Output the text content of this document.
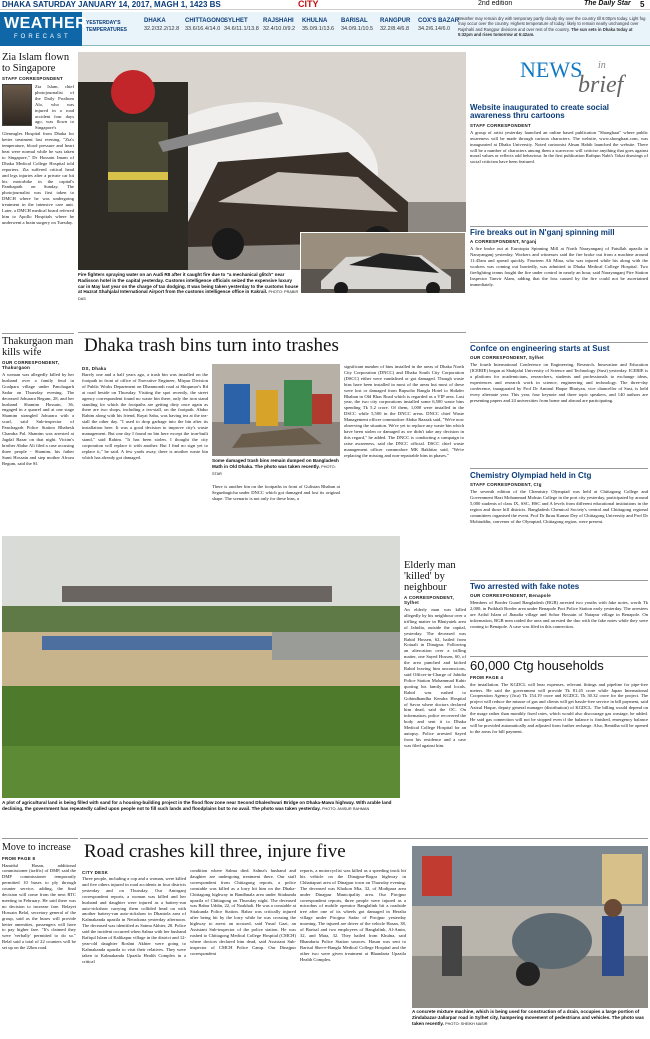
DHAKA SATURDAY JANUARY 14, 2017, MAGH 1, 1423 BS	CITY	2nd edition	The Daily Star 5
WEATHER
FORECAST
YESTERDAY'S TEMPERATURES
DHAKA
32.2/32.2/12.8
CHITTAGONG
33.6/16.4/14.0
SYLHET
34.6/11.1/13.8
RAJSHAHI
32.4/10.0/9.2
KHULNA
35.0/9.1/13.6
BARISAL
34.0/9.1/10.5
RANGPUR
32.2/8.4/6.8
COX'S BAZAR
34.2/6.14/6.0
Weather may remain dry with temporary partly cloudy sky over the country till 6:00pm today. Light fog may occur over the country. Highest temperature of today: likely to remain nearly unchanged over Rajshahi and Rangpur divisions and over rest of the country. The sun sets in Dhaka today at 5:32pm and rises tomorrow at 6:42am.
Zia Islam flown to Singapore
STAFF CORRESPONDENT
Zia Islam, chief photojournalist of the Daily Prothom Alo, who was injured in a road accident four days ago, was flown to Singapore's Gleneagles Hospital from Dhaka for better treatment last evening. "Zia's temperature, blood pressure and heart beat were normal while he was taken to Singapore," Dr Hossain Imam of Dhaka Medical College Hospital told reporters. Zia suffered critical head and legs injuries after a private car hit his motorbike in the capital's Panthapath on Sunday. The photojournalist was first taken to DMCH where he was undergoing treatment in the intensive care unit. Later, a DMCH medical board referred him to Apollo Hospitals where he underwent a brain surgery on Tuesday.
Fire fighters spraying water on an Audi R8 after it caught fire due to "a mechanical glitch" near Radisson hotel in the capital yesterday. Customs intelligence officials seized the expensive luxury car in May last year on the charge of tax dodging. It was being taken yesterday to the customs house at Hazrat Shahjalal International Airport from the customs intelligence office in Kakrail. PHOTO: PRABIR DAS
NEWS in
brief
Website inaugurated to create social awareness thru cartoons
STAFF CORRESPONDENT
A group of artist yesterday launched an online based publication "Shonghaat" where public awareness will be made through cartoon characters. The website, www.shonghaat.com, was inaugurated at Dhaka University. Noted cartoonist Ahsan Habib launched the website. There will be a number of characters among them a scarecrow will criticise anything that goes against moral values or reflects odd behaviour. In the first publication Rafiqun Nabi's Tokai drawings of social criticism have been featured.
Fire breaks out in N'ganj spinning mill
A CORRESPONDENT, N'ganj
A fire broke out at Eurotopia Spinning Mill at North Narayanganj of Fatullah upazila in Narayanganj yesterday. Workers and witnesses said the fire broke out from a machine around 11:45am and spread quickly. Fourteen Ali Mina, who was injured while his along with the workers was coming out hurriedly, was admitted to Dhaka Medical College Hospital. Two firefighting teams fought the fire under control in nearly an hour, said Narayanganj Fire Station Inspector Tanvir Alam, adding that the loss caused by the fire could not be ascertained immediately.
Confce on engineering starts at Sust
OUR CORRESPONDENT, Sylhet
The fourth International Conference on Engineering, Research, Innovation and Education (ICERIE) began at Shahjalal University of Science and Technology (Sust) yesterday. ICERIE is a platform for academicians, researchers, students and professionals to exchange ideas, experiences and research work in science, engineering and technology. The three-day conference, inaugurated by Prof Dr Aminul Haque Bhuiyan, vice chancellor of Sust, is held every alternate year. This year, four keynote and three topic speakers, and 140 authors are presenting papers and 24 universities from home and abroad are participating.
Chemistry Olympiad held in Ctg
STAFF CORRESPONDENT, Ctg
The seventh edition of the Chemistry Olympiad was held at Chittagong College and Government Hazi Mohammad Mohsin College in the port city yesterday, participated by around 5,000 students of class IX, SSC, HSC and A levels from different educational institutions in the region and those hill districts. Bangladesh Chemical Society's central and Chittagong regional committees organised the event. Prof Dr Ikrau Kumar Dey of Chittagong University and Prof Dr Mohiuddin, convener of the Olympiad, Chittagong region, were present.
Two arrested with fake notes
OUR CORRESPONDENT, Benapole
Members of Border Guard Bangladesh (BGB) arrested two youths with fake notes, worth Tk 2,000, in Putkhali Border area under Benapole Port Police Station early yesterday. The arrestees are Ariful Islam of Jhaudia village and Sohor Hossain of Natapur village in Benapole. On information, BGB men raided the area and arrested the duo with the fake notes while they were coming to Benapole. A case was filed in this connection.
60,000 Ctg households
FROM PAGE 4
the installation. The KGDCL will bear expenses, relevant fittings and pipeline for pipe-free meters. He said the government will provide Tk 81.45 crore while Japan International Cooperation Agency (Jica) Tk 154.19 crore and KGDCL Tk 30.32 crore for the project. The project will reduce the misuse of gas and clients will get hassle-free service in bill payment, said Azizul Haque, deputy general manager (distribution) of KGDCL. The billing would depend on the usage rather than monthly fixed rates, which would also discourage gas wastage, he added. He said gas connection will not be stopped even if the balance is finished, emergency balance will be provided automatically and adjusted from further recharge. Also, Benidha will be opened to the areas for bill payment.
Thakurgaon man kills wife
OUR CORRESPONDENT, Thakurgaon
A woman was allegedly killed by her husband over a family feud in Goalpara village under Panchagarh Sadar on Thursday evening. The deceased Johurara Begum, 28, and her husband Shamim Hossain, 36, engaged in a quarrel and at one stage Shamim strangled Johurara with a scarf, said Sub-inspector of Panchagarh Police Station Bhabesh Chandra Pal. Shamim was arrested at Jagdal Bazar on that night. Victim's brother Abdur Ali filed a case accusing three people - Shamim, his father Sumi Hossain and step mother Afroza Begum, said the SI.
Dhaka trash bins turn into trashes
DS, Dhaka
Barely one and a half years ago, a trash bin was installed on the footpath in front of office of Executive Engineer, Mirpur Division of Public Works Department on Dhanmondi road at Shiqumor's Rd at road beside on Thursday. Visiting the spot recently, the street agency correspondent found no waste bin there, only the iron stand standing for which the footpaths are getting dirty once again as there are two shops, including a tea-stall, on the footpath. Abdur Rahim along with his friend, Rayat Saha, was having tea at the tea-stall the other day. "I used to drop garbage into the bin after its installation here. It was a good decision to improve city's waste management. But one day I found no bin here except the iron-built stand," said Rahim. "It has been stolen. I thought the city corporation will replace it with another. But I find no sign yet to replace it," he said. A few yards away, there is another waste bin which has already got damaged.
Some damaged trash bins remain dumped on Bangladesh Math in Old Dhaka. The photo was taken recently. PHOTO: STAR
There is another bin on the footpaths in front of Gulistan Bhaban at Segunbagicha under DNCC which got damaged and lost its original shape. The scenario is not only for these bins, a
significant number of bins installed in the areas of Dhaka North City Corporation (DNCC) and Dhaka South City Corporation (DSCC) either were vandalised or got damaged. Though waste bins have been installed in most of the areas but most of these were lost or damaged from Rupsoho Bangla Hotel to Shikder Bhaban in Old Bhas Road which is regarded as a VIP area. Last year, the two city corporations installed some 6,500 waste bins spending Tk 5.2 crore. Of them, 1,000 were installed in the DSCC while 5,500 in the DNCC areas. DNCC chief Waste Management officer commodore Abdur Razzak said, "We're now observing the situation. We're yet to replace any waste bin which have been stolen or damaged as we didn't take any decision in this regard," he added. The DNCC is conducting a campaign to raise awareness, said the DNCC official. DSCC chief waste management officer commodore MK Bakhtiar said, "We're replacing the missing and non-repairable bins in phases."
A plot of agricultural land is being filled with sand for a housing-building project in the flood flow zone near Second Dhaleshwari Bridge on Dhaka-Mawa highway. With arable land declining, the government has repeatedly called upon people not to fill such lands and floodplains but to no avail. The photo was taken yesterday. PHOTO: ANISUR RAHMAN
Elderly man 'killed' by neighbour
A CORRESPONDENT, Sylhet
An elderly man was killed allegedly by his neighbour over a trifling matter in Bhuiyatek area of Jahidia, outside the capital, yesterday. The deceased was Rahid Hossen, 62, hailed from Kotuali in Dinajpur. Following an altercation over a trifling matter, one Sayed Hossen, 60, of the area punched and kicked Rahid leaving him unconscious, said Officer-in-Charge of Jahidia Police Station Mohammad Kabir quoting his family and locals. Rahid was rushed to Gobindbandha Kendra Hospital of Savar where doctors declared him dead, said the OC. On information, police recovered the body and sent it to Dhaka Medical College Hospital for an autopsy. Police arrested Sayed from his residence and a case was filed against him.
Move to increase
FROM PAGE 8
Hamidul Hasan, additional commissioner (traffic) of DMP, said the DMP commissioner temporarily permitted 10 buses to ply through counter service, adding, the final decision will come from the next RTC meeting in February. He said there was no decision to increase fare. Belayet Hossain Belal, secretary general of the group, said as the buses will provide better amenities, passengers will have to pay higher fare. "It's claimed they were 'verbally' permitted to do so." Belal said a total of 22 counters will be set up on the 22km road.
Road crashes kill three, injure five
CITY DESK
Three people, including a cop and a woman, were killed and five others injured in road accidents in four districts yesterday and on Thursday. Our Amirganj correspondent reports, a woman was killed and her husband and daughter were injured as a battery-run auto-rickshaw carrying them collided head on with another battery-run auto-rickshaw in Dhantola area of Kalmakanda upazila in Netrokona yesterday afternoon. The deceased was identified as Saima Akhter, 28. Police said the incident occurred when Salma with her husband Rafiqul Islam of Kalikapur village in the district and 12-year-old daughter Roshni Akhter were going to Kalmakanda upazila to visit their relatives. They were taken to Kalmakanda Upazila Health Complex in a critical
condition where Salma died. Salma's husband and daughter are undergoing treatment there. Our staff correspondent from Chittagong reports, a police constable was killed as a lorry hit him on the Dhaka-Chittagong highway in Bandhnala area under Sitakunda upazila of Chittagong on Thursday night. The deceased was Babar Uddin, 22, of Noakhali. He was a constable at Sitakunda Police Station. Babar was critically injured after being hit by the lorry while he was crossing the highway to arrest an accused, said Yusuf Gazi, an Assistant Sub-inspector of the police station. He was rushed to Chittagong Medical College Hospital (CMCH) where doctors declared him dead, said Assistant Sub-inspector of CMCH Police Camp. Our Dinajpur correspondent
reports, a motorcyclist was killed as a speeding truck hit his vehicle on the Dinajpur-Bogra highway in Chhatiapuri area of Dinajpur town on Thursday evening. The deceased was Khokon Mia, 32, of Modipara area under Dinajpur Municipality area. Our Pirojpur correspondent reports, three people were injured as a microbus of mobile operator Banglalink hit a roadside tree after one of its wheels got damaged in Heralia village under Pirojpur Sadar of Pirojpur yesterday morning. The injured are driver of the vehicle Hasan, 38, of Barisal and two employees of Banglalink, Al-Amin, 32, and Mata, 32. They hailed from Khulna, said Bhandaria Police Station sources. Hasan was sent to Barisal Sher-e-Bangla Medical College Hospital and the other two were given treatment at Bhandaria Upazila Health Complex.
A concrete mixture machine, which is being used for construction of a drain, occupies a large portion of Zindabazar-Jallarpar road in Sylhet city, hampering movement of pedestrians and vehicles. The photo was taken recently. PHOTO: SHEIKH NASIR
